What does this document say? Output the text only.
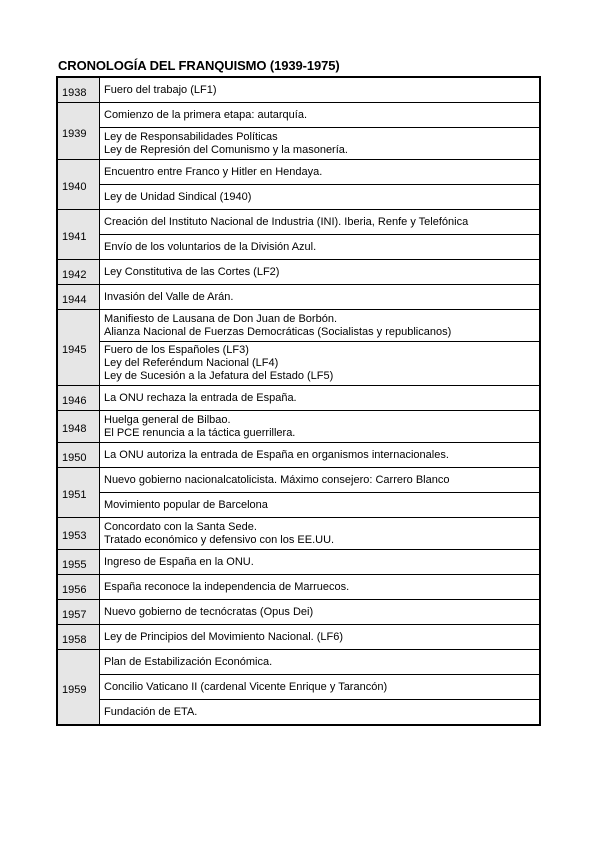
CRONOLOGÍA DEL FRANQUISMO (1939-1975)
1938	Fuero del trabajo (LF1)

1939	Comienzo de la primera etapa: autarquía.
	Ley de Responsabilidades Políticas
Ley de Represión del Comunismo y la masonería.

1940	Encuentro entre Franco y Hitler en Hendaya.
	Ley de Unidad Sindical (1940)

1941	Creación del Instituto Nacional de Industria (INI). Iberia, Renfe y Telefónica
	Envío de los voluntarios de la División Azul.

1942	Ley Constitutiva de las Cortes (LF2)

1944	Invasión del Valle de Arán.

1945	Manifiesto de Lausana de Don Juan de Borbón.
Alianza Nacional de Fuerzas Democráticas (Socialistas y republicanos)
	Fuero de los Españoles (LF3)
Ley del Referéndum Nacional (LF4)
Ley de Sucesión a la Jefatura del Estado (LF5)

1946	La ONU rechaza la entrada de España.

1948	Huelga general de Bilbao.
El PCE renuncia a la táctica guerrillera.

1950	La ONU autoriza la entrada de España en organismos internacionales.

1951	Nuevo gobierno nacionalcatolicista. Máximo consejero: Carrero Blanco
	Movimiento popular de Barcelona

1953	Concordato con la Santa Sede.
Tratado económico y defensivo con los EE.UU.

1955	Ingreso de España en la ONU.

1956	España reconoce la independencia de Marruecos.

1957	Nuevo gobierno de tecnócratas (Opus Dei)

1958	Ley de Principios del Movimiento Nacional. (LF6)

1959	Plan de Estabilización Económica.
	Concilio Vaticano II (cardenal Vicente Enrique y Tarancón)
	Fundación de ETA.
